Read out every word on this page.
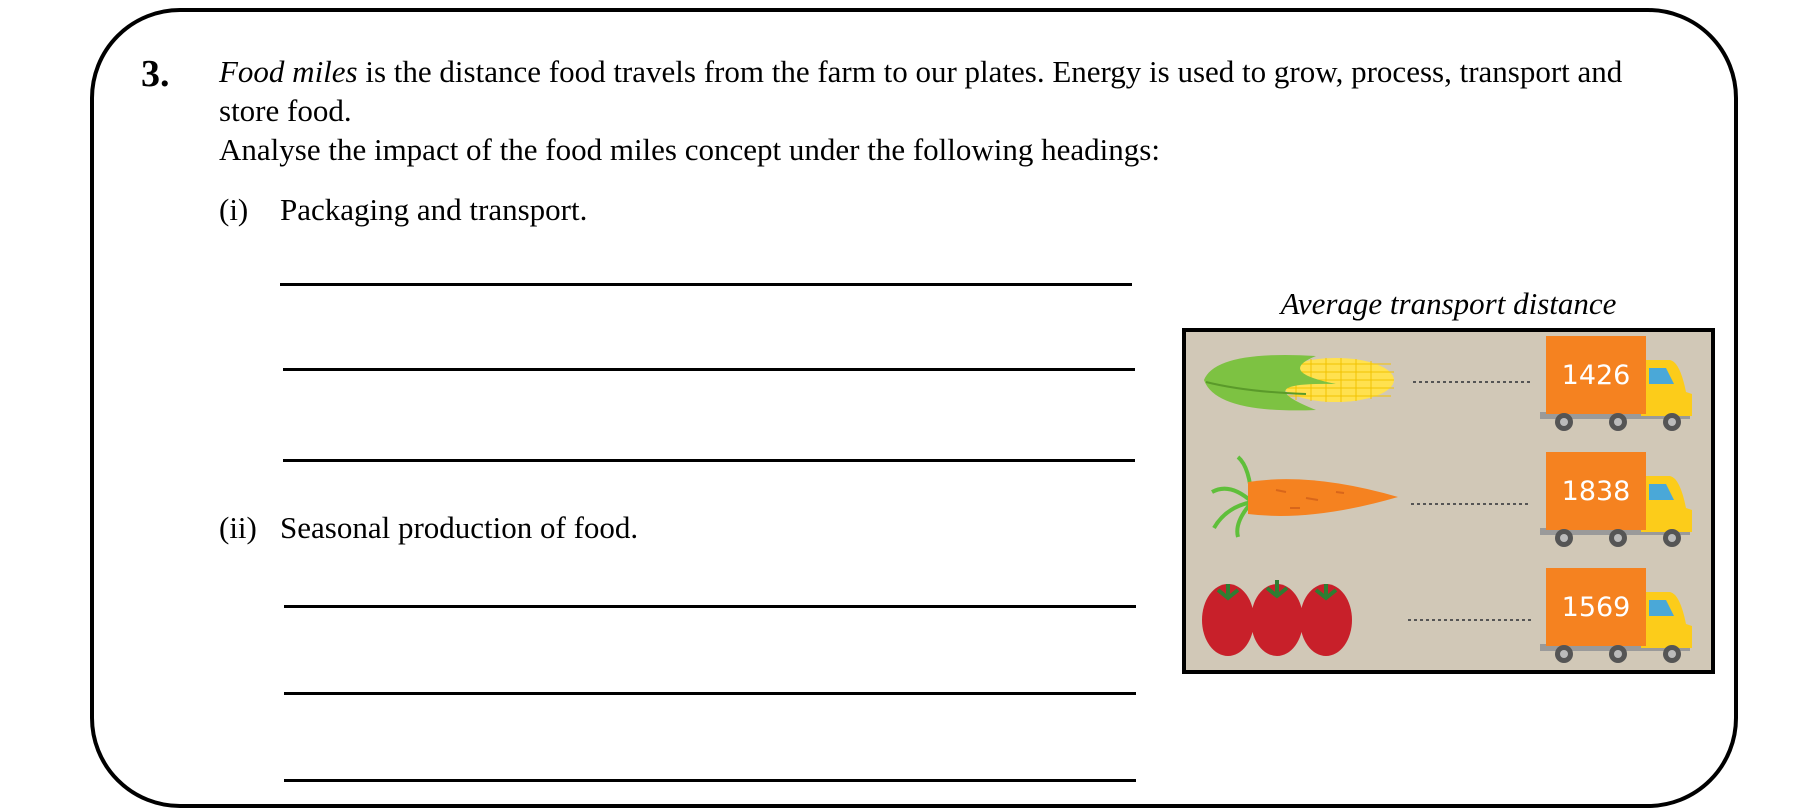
3. Food miles is the distance food travels from the farm to our plates. Energy is used to grow, process, transport and store food.

Analyse the impact of the food miles concept under the following headings:

(i) Packaging and transport.
(ii) Seasonal production of food.
Average transport distance
1426
1838
1569
